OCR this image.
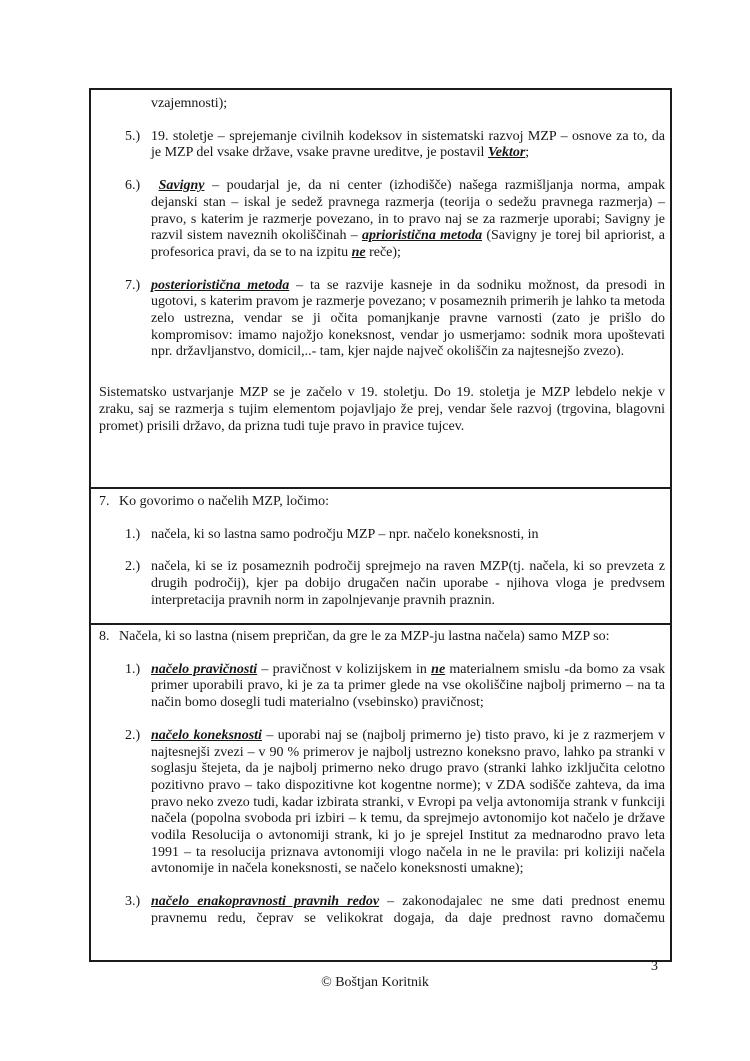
vzajemnosti);
5.) 19. stoletje – sprejemanje civilnih kodeksov in sistematski razvoj MZP – osnove za to, da je MZP del vsake države, vsake pravne ureditve, je postavil Vektor;
6.) Savigny – poudarjal je, da ni center (izhodišče) našega razmišljanja norma, ampak dejanski stan – iskal je sedež pravnega razmerja (teorija o sedežu pravnega razmerja) – pravo, s katerim je razmerje povezano, in to pravo naj se za razmerje uporabi; Savigny je razvil sistem naveznih okoliščinah – aprioristična metoda (Savigny je torej bil apriorist, a profesorica pravi, da se to na izpitu ne reče);
7.) posterioristična metoda – ta se razvije kasneje in da sodniku možnost, da presodi in ugotovi, s katerim pravom je razmerje povezano; v posameznih primerih je lahko ta metoda zelo ustrezna, vendar se ji očita pomanjkanje pravne varnosti (zato je prišlo do kompromisov: imamo najožjo koneksnost, vendar jo usmerjamo: sodnik mora upoštevati npr. državljanstvo, domicil,..- tam, kjer najde največ okoliščin za najtesnejšo zvezo).
Sistematsko ustvarjanje MZP se je začelo v 19. stoletju. Do 19. stoletja je MZP lebdelo nekje v zraku, saj se razmerja s tujim elementom pojavljajo že prej, vendar šele razvoj (trgovina, blagovni promet) prisili državo, da prizna tudi tuje pravo in pravice tujcev.
7. Ko govorimo o načelih MZP, ločimo:
1.) načela, ki so lastna samo področju MZP – npr. načelo koneksnosti, in
2.) načela, ki se iz posameznih področij sprejmejo na raven MZP(tj. načela, ki so prevzeta z drugih področij), kjer pa dobijo drugačen način uporabe - njihova vloga je predvsem interpretacija pravnih norm in zapolnjevanje pravnih praznin.
8. Načela, ki so lastna (nisem prepričan, da gre le za MZP-ju lastna načela) samo MZP so:
1.) načelo pravičnosti – pravičnost v kolizijskem in ne materialnem smislu -da bomo za vsak primer uporabili pravo, ki je za ta primer glede na vse okoliščine najbolj primerno – na ta način bomo dosegli tudi materialno (vsebinsko) pravičnost;
2.) načelo koneksnosti – uporabi naj se (najbolj primerno je) tisto pravo, ki je z razmerjem v najtesnejši zvezi – v 90 % primerov je najbolj ustrezno koneksno pravo, lahko pa stranki v soglasju štejeta, da je najbolj primerno neko drugo pravo (stranki lahko izključita celotno pozitivno pravo – tako dispozitivne kot kogentne norme); v ZDA sodišče zahteva, da ima pravo neko zvezo tudi, kadar izbirata stranki, v Evropi pa velja avtonomija strank v funkciji načela (popolna svoboda pri izbiri – k temu, da sprejmejo avtonomijo kot načelo je države vodila Resolucija o avtonomiji strank, ki jo je sprejel Institut za mednarodno pravo leta 1991 – ta resolucija priznava avtonomiji vlogo načela in ne le pravila: pri koliziji načela avtonomije in načela koneksnosti, se načelo koneksnosti umakne);
3.) načelo enakopravnosti pravnih redov – zakonodajalec ne sme dati prednost enemu pravnemu redu, čeprav se velikokrat dogaja, da daje prednost ravno domačemu
3
© Boštjan Koritnik
